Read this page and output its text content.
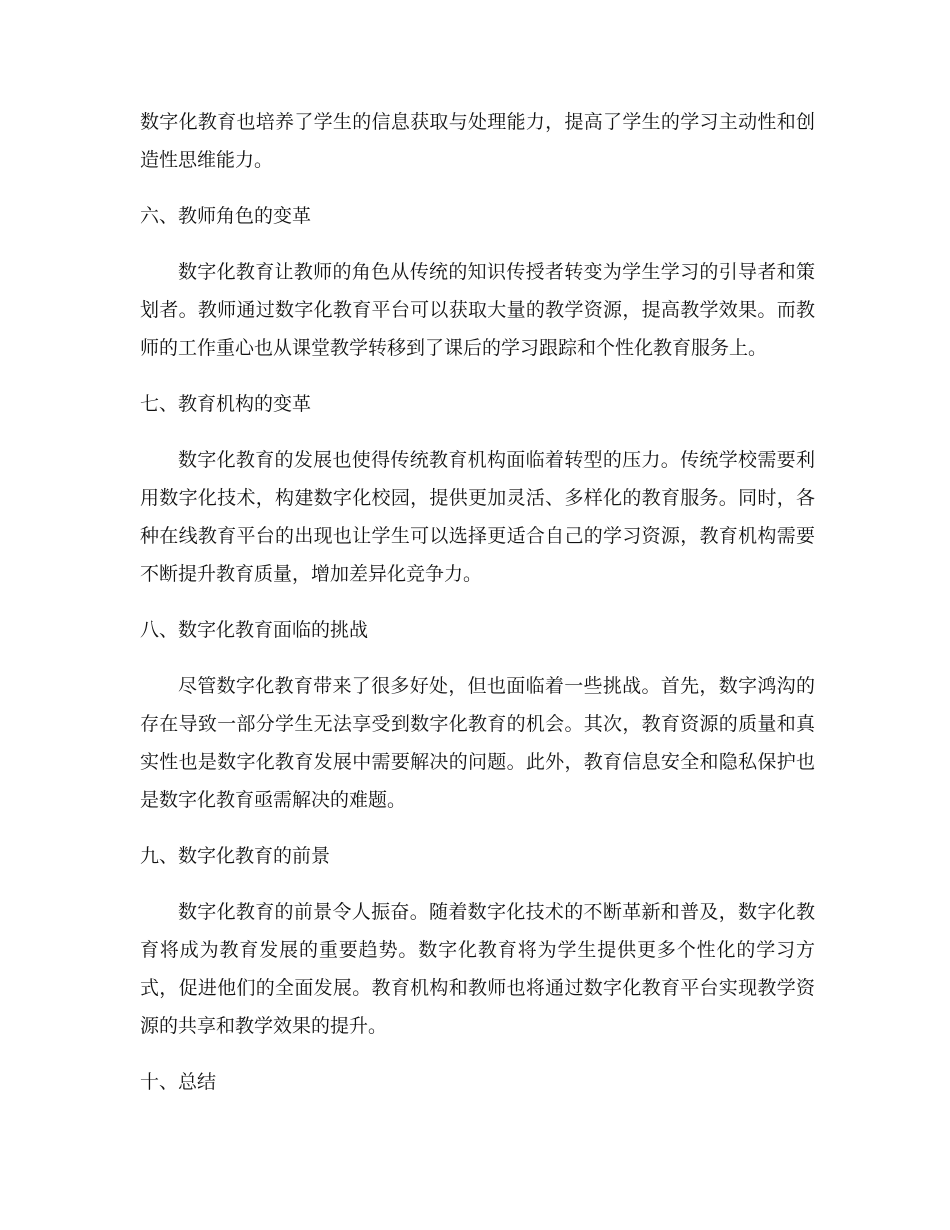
数字化教育也培养了学生的信息获取与处理能力，提高了学生的学习主动性和创造性思维能力。

六、教师角色的变革

数字化教育让教师的角色从传统的知识传授者转变为学生学习的引导者和策划者。教师通过数字化教育平台可以获取大量的教学资源，提高教学效果。而教师的工作重心也从课堂教学转移到了课后的学习跟踪和个性化教育服务上。

七、教育机构的变革

数字化教育的发展也使得传统教育机构面临着转型的压力。传统学校需要利用数字化技术，构建数字化校园，提供更加灵活、多样化的教育服务。同时，各种在线教育平台的出现也让学生可以选择更适合自己的学习资源，教育机构需要不断提升教育质量，增加差异化竞争力。

八、数字化教育面临的挑战

尽管数字化教育带来了很多好处，但也面临着一些挑战。首先，数字鸿沟的存在导致一部分学生无法享受到数字化教育的机会。其次，教育资源的质量和真实性也是数字化教育发展中需要解决的问题。此外，教育信息安全和隐私保护也是数字化教育亟需解决的难题。

九、数字化教育的前景

数字化教育的前景令人振奋。随着数字化技术的不断革新和普及，数字化教育将成为教育发展的重要趋势。数字化教育将为学生提供更多个性化的学习方式，促进他们的全面发展。教育机构和教师也将通过数字化教育平台实现教学资源的共享和教学效果的提升。

十、总结
